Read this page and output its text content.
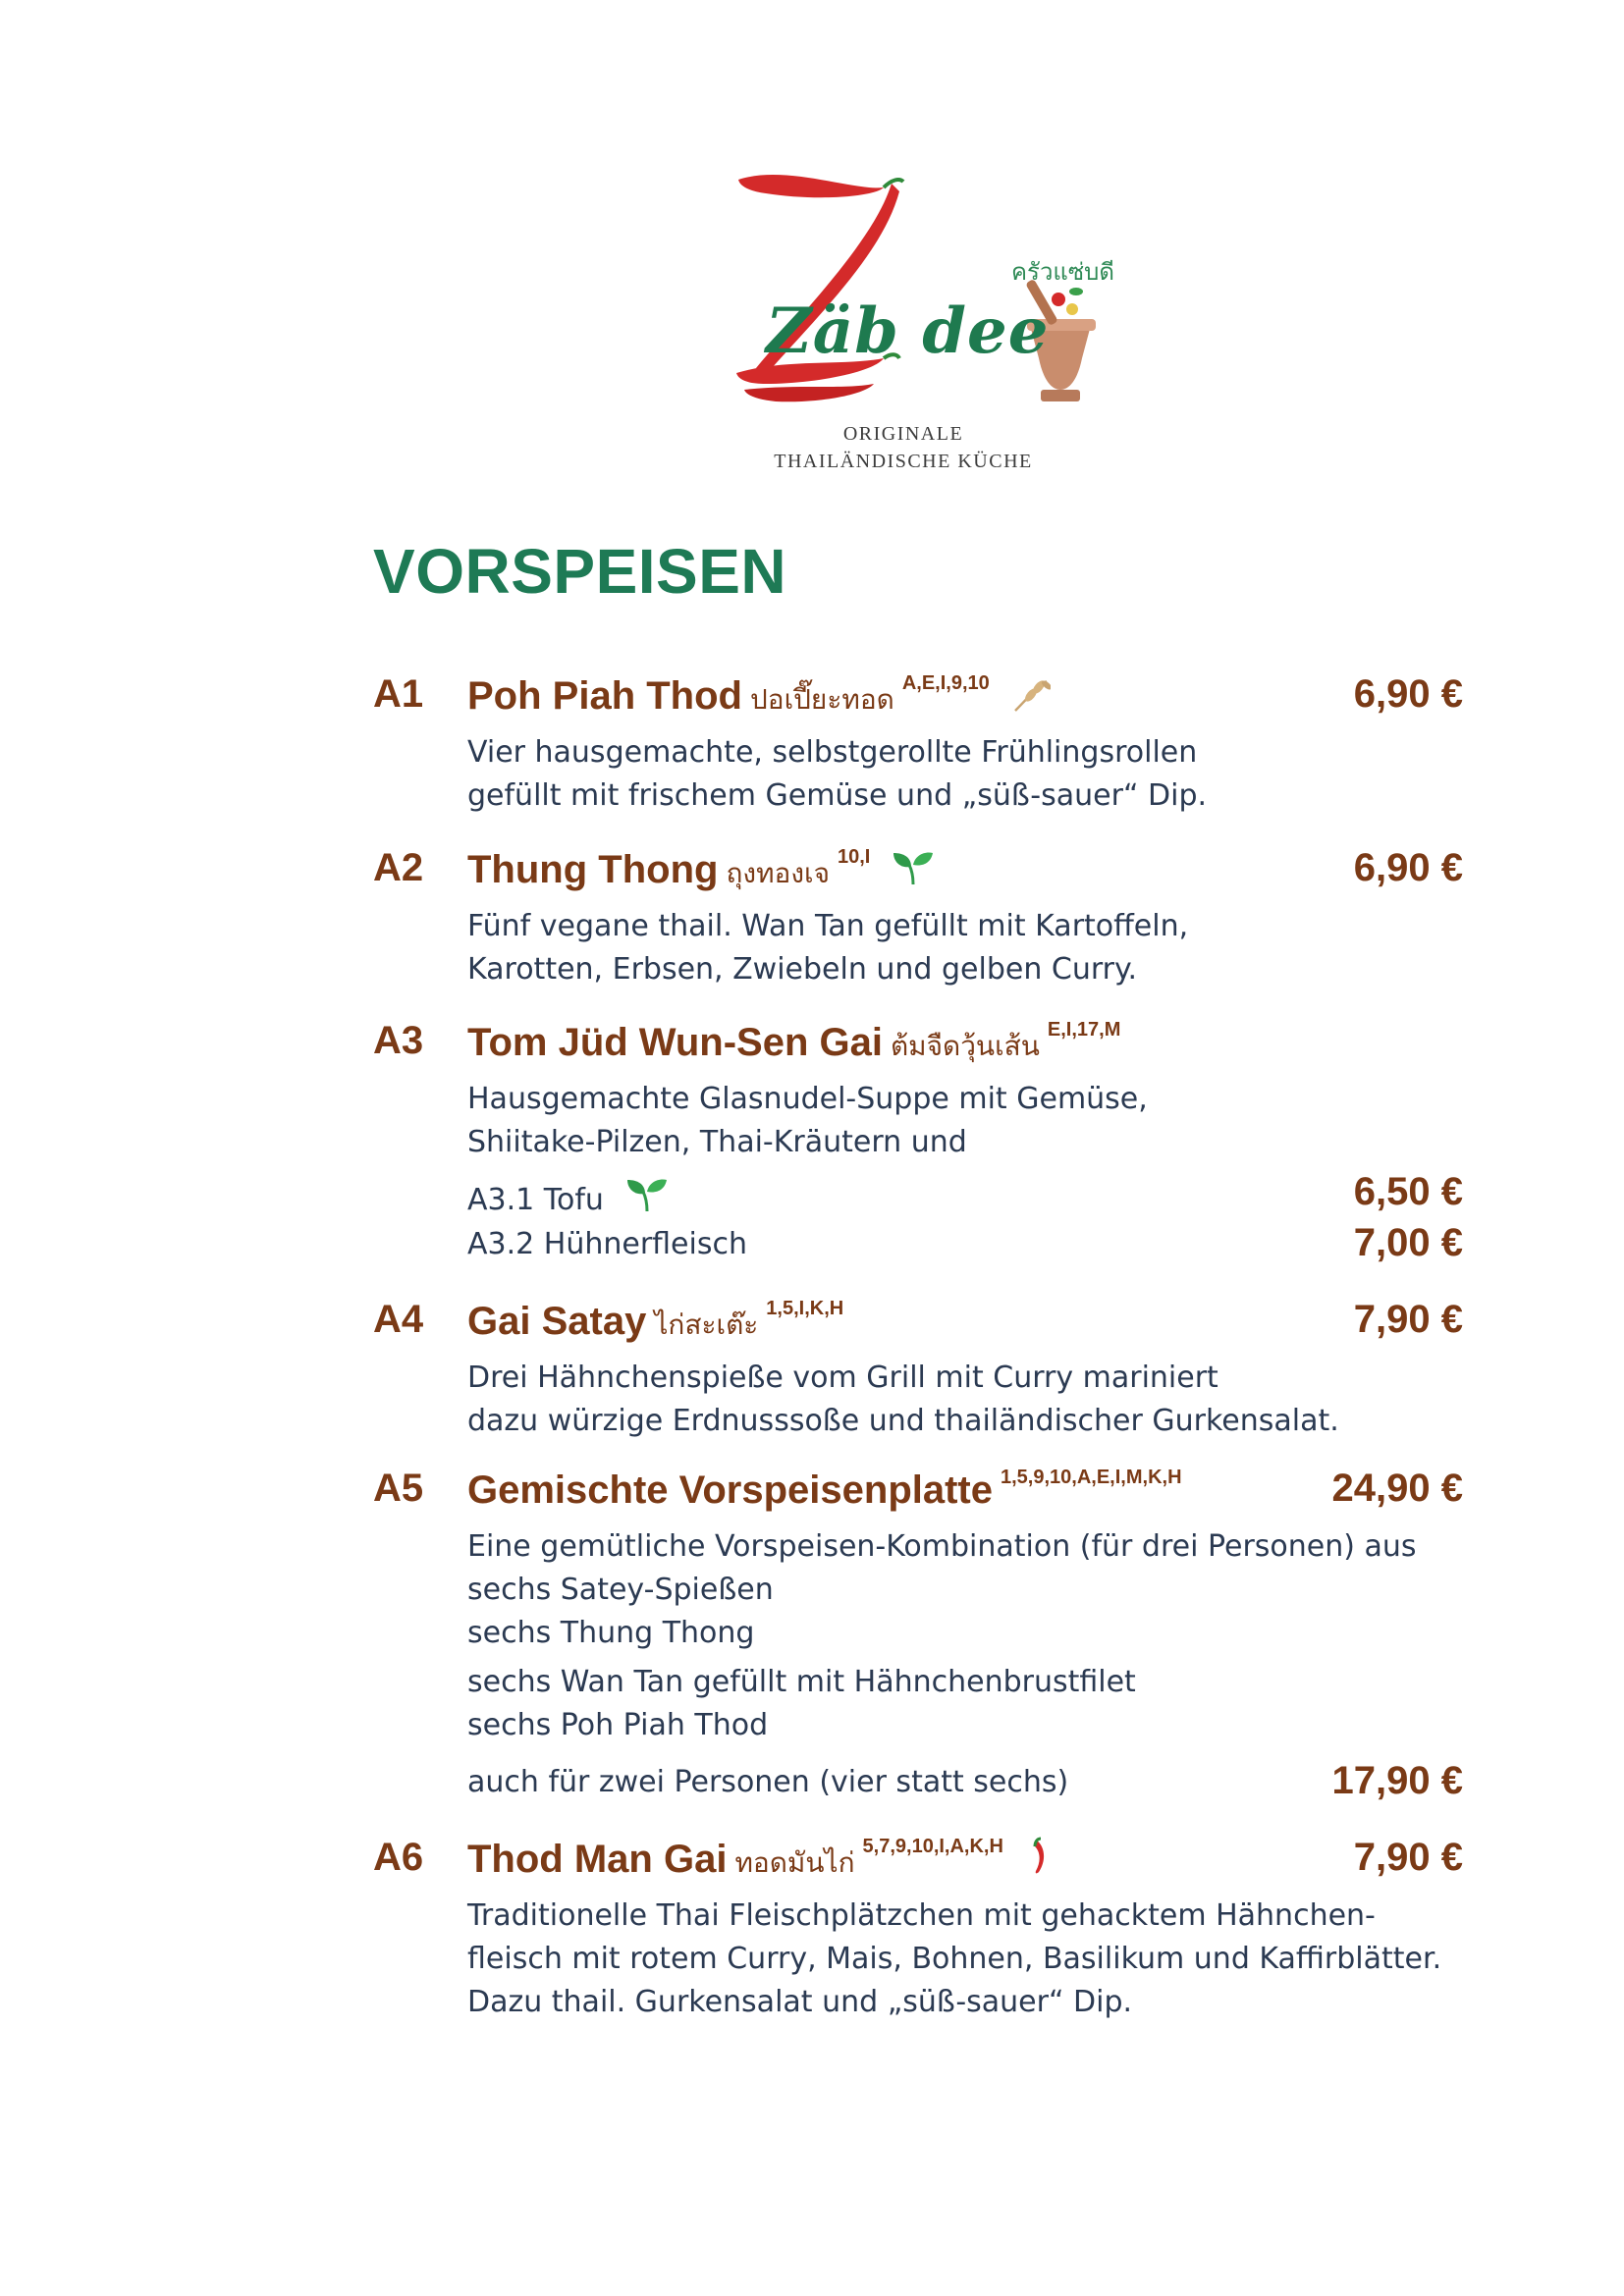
Zäb dee
ครัวแซ่บดี
ORIGINALE
THAILÄNDISCHE KÜCHE
VORSPEISEN
A1 Poh Piah Thod ปอเปี๊ยะทอด$^{A,E,I,9,10}$	6,90 €
Vier hausgemachte, selbstgerollte Frühlingsrollen
gefüllt mit frischem Gemüse und „süß-sauer“ Dip.
A2 Thung Thong ถุงทองเจ$^{10,I}$	6,90 €
Fünf vegane thail. Wan Tan gefüllt mit Kartoffeln,
Karotten, Erbsen, Zwiebeln und gelben Curry.
A3 Tom Jüd Wun-Sen Gai ต้มจืดวุ้นเส้น$^{E,I,17,M}$
Hausgemachte Glasnudel-Suppe mit Gemüse,
Shiitake-Pilzen, Thai-Kräutern und
A3.1 Tofu	6,50 €
A3.2 Hühnerfleisch	7,00 €
A4 Gai Satay ไก่สะเต๊ะ$^{1,5,I,K,H}$	7,90 €
Drei Hähnchenspieße vom Grill mit Curry mariniert
dazu würzige Erdnusssoße und thailändischer Gurkensalat.
A5 Gemischte Vorspeisenplatte $^{1,5,9,10,A,E,I,M,K,H}$	24,90 €
Eine gemütliche Vorspeisen-Kombination (für drei Personen) aus
sechs Satey-Spießen
sechs Thung Thong
sechs Wan Tan gefüllt mit Hähnchenbrustfilet
sechs Poh Piah Thod
auch für zwei Personen (vier statt sechs)	17,90 €
A6 Thod Man Gai ทอดมันไก่$^{5,7,9,10,I,A,K,H}$	7,90 €
Traditionelle Thai Fleischplätzchen mit gehacktem Hähnchen-
fleisch mit rotem Curry, Mais, Bohnen, Basilikum und Kaffirblätter.
Dazu thail. Gurkensalat und „süß-sauer“ Dip.
